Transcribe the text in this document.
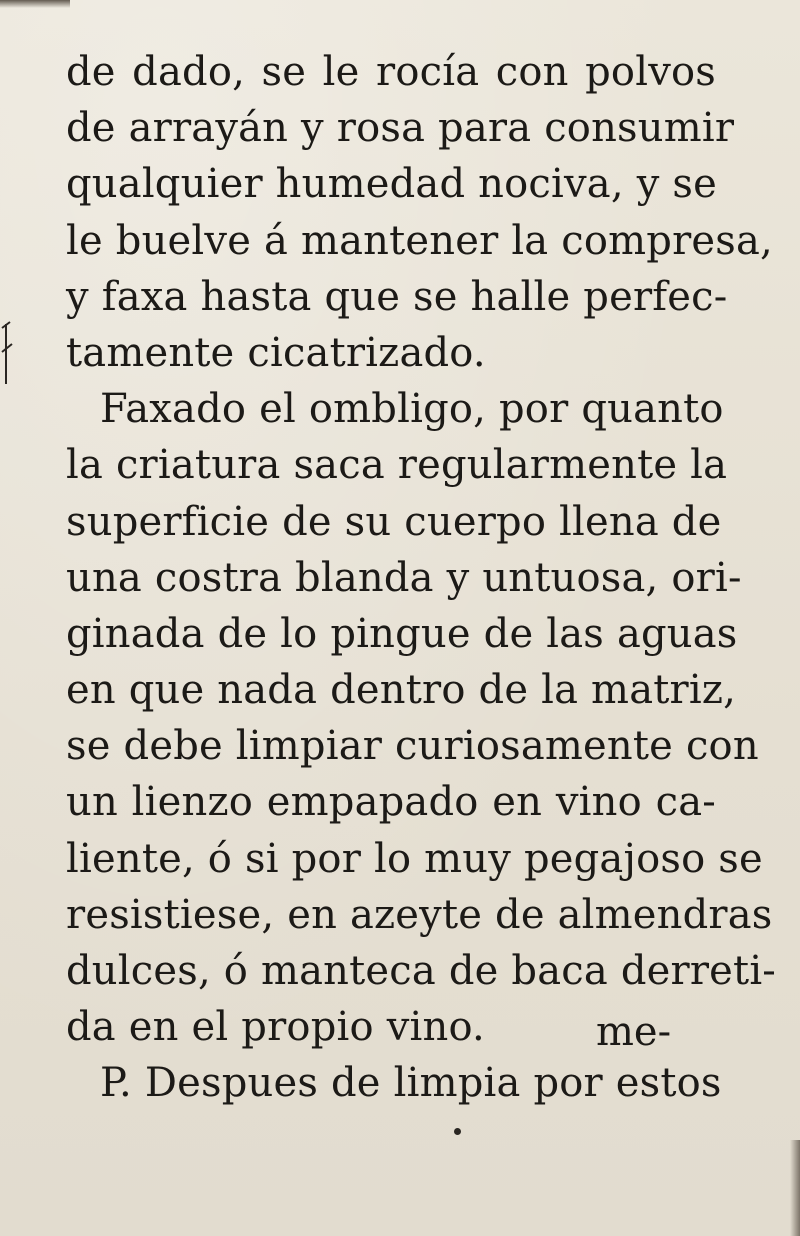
de dado, se le rocía con polvos
de arrayán y rosa para consumir
qualquier humedad nociva, y se
le buelve á mantener la compresa,
y faxa hasta que se halle perfec-
tamente cicatrizado.
Faxado el ombligo, por quanto
la criatura saca regularmente la
superficie de su cuerpo llena de
una costra blanda y untuosa, ori-
ginada de lo pingue de las aguas
en que nada dentro de la matriz,
se debe limpiar curiosamente con
un lienzo empapado en vino ca-
liente, ó si por lo muy pegajoso se
resistiese, en azeyte de almendras
dulces, ó manteca de baca derreti-
da en el propio vino.
P. Despues de limpia por estos
me-
